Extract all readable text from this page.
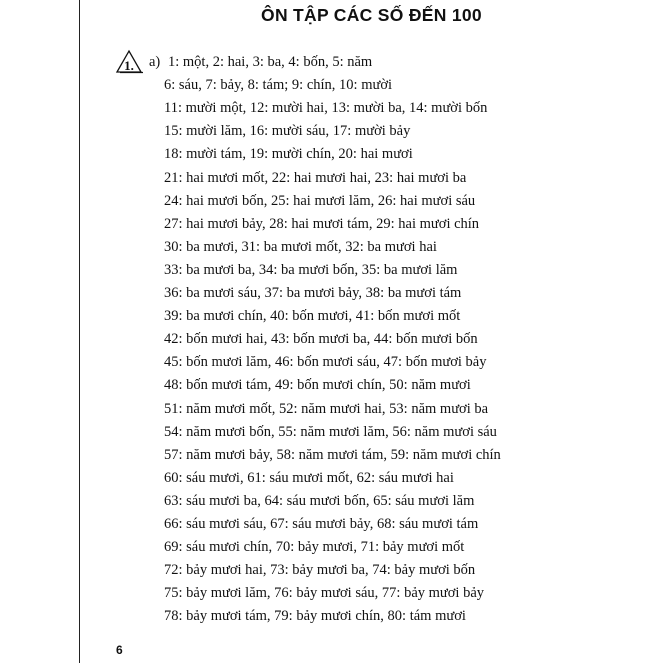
ÔN TẬP CÁC SỐ ĐẾN 100
1. a) 1: một, 2: hai, 3: ba, 4: bốn, 5: năm
6: sáu, 7: bảy, 8: tám; 9: chín, 10: mười
11: mười một, 12: mười hai, 13: mười ba, 14: mười bốn
15: mười lăm, 16: mười sáu, 17: mười bảy
18: mười tám, 19: mười chín, 20: hai mươi
21: hai mươi mốt, 22: hai mươi hai, 23: hai mươi ba
24: hai mươi bốn, 25: hai mươi lăm, 26: hai mươi sáu
27: hai mươi bảy, 28: hai mươi tám, 29: hai mươi chín
30: ba mươi, 31: ba mươi mốt, 32: ba mươi hai
33: ba mươi ba, 34: ba mươi bốn, 35: ba mươi lăm
36: ba mươi sáu, 37: ba mươi bảy, 38: ba mươi tám
39: ba mươi chín, 40: bốn mươi, 41: bốn mươi mốt
42: bốn mươi hai, 43: bốn mươi ba, 44: bốn mươi bốn
45: bốn mươi lăm, 46: bốn mươi sáu, 47: bốn mươi bảy
48: bốn mươi tám, 49: bốn mươi chín, 50: năm mươi
51: năm mươi mốt, 52: năm mươi hai, 53: năm mươi ba
54: năm mươi bốn, 55: năm mươi lăm, 56: năm mươi sáu
57: năm mươi bảy, 58: năm mươi tám, 59: năm mươi chín
60: sáu mươi, 61: sáu mươi mốt, 62: sáu mươi hai
63: sáu mươi ba, 64: sáu mươi bốn, 65: sáu mươi lăm
66: sáu mươi sáu, 67: sáu mươi bảy, 68: sáu mươi tám
69: sáu mươi chín, 70: bảy mươi, 71: bảy mươi mốt
72: bảy mươi hai, 73: bảy mươi ba, 74: bảy mươi bốn
75: bảy mươi lăm, 76: bảy mươi sáu, 77: bảy mươi bảy
78: bảy mươi tám, 79: bảy mươi chín, 80: tám mươi
6
